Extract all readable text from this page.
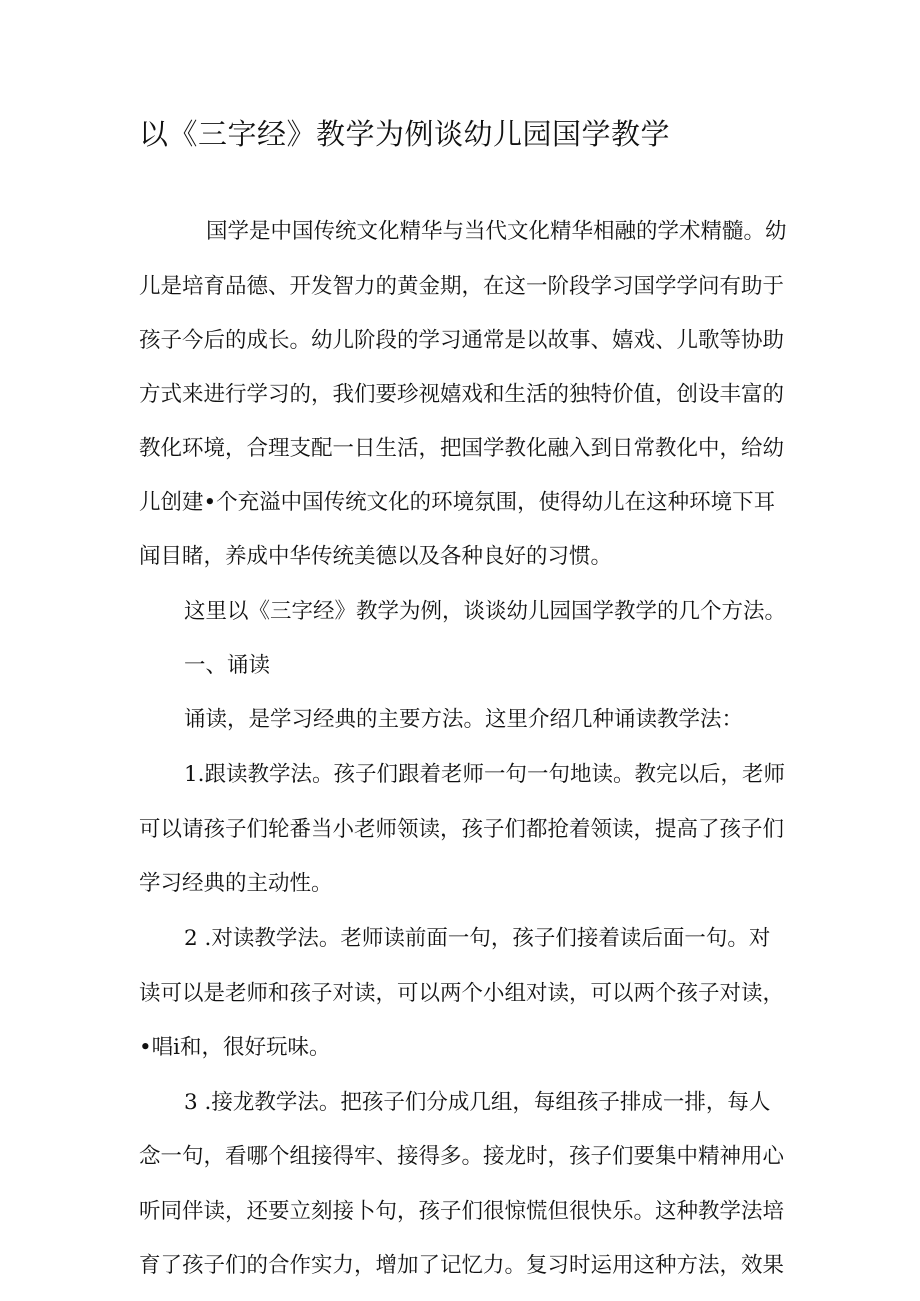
以《三字经》教学为例谈幼儿园国学教学

国学是中国传统文化精华与当代文化精华相融的学术精髓。幼

儿是培育品德、开发智力的黄金期，在这一阶段学习国学学问有助于

孩子今后的成长。幼儿阶段的学习通常是以故事、嬉戏、儿歌等协助

方式来进行学习的，我们要珍视嬉戏和生活的独特价值，创设丰富的

教化环境，合理支配一日生活，把国学教化融入到日常教化中，给幼

儿创建•个充溢中国传统文化的环境氛围，使得幼儿在这种环境下耳

闻目睹，养成中华传统美德以及各种良好的习惯。

这里以《三字经》教学为例，谈谈幼儿园国学教学的几个方法。

一、诵读

诵读，是学习经典的主要方法。这里介绍几种诵读教学法：

1.跟读教学法。孩子们跟着老师一句一句地读。教完以后，老师

可以请孩子们轮番当小老师领读，孩子们都抢着领读，提高了孩子们

学习经典的主动性。

2 .对读教学法。老师读前面一句，孩子们接着读后面一句。对

读可以是老师和孩子对读，可以两个小组对读，可以两个孩子对读，

•唱i和，很好玩味。

3 .接龙教学法。把孩子们分成几组，每组孩子排成一排，每人

念一句，看哪个组接得牢、接得多。接龙时，孩子们要集中精神用心

听同伴读，还要立刻接卜句，孩子们很惊慌但很快乐。这种教学法培

育了孩子们的合作实力，增加了记忆力。复习时运用这种方法，效果
